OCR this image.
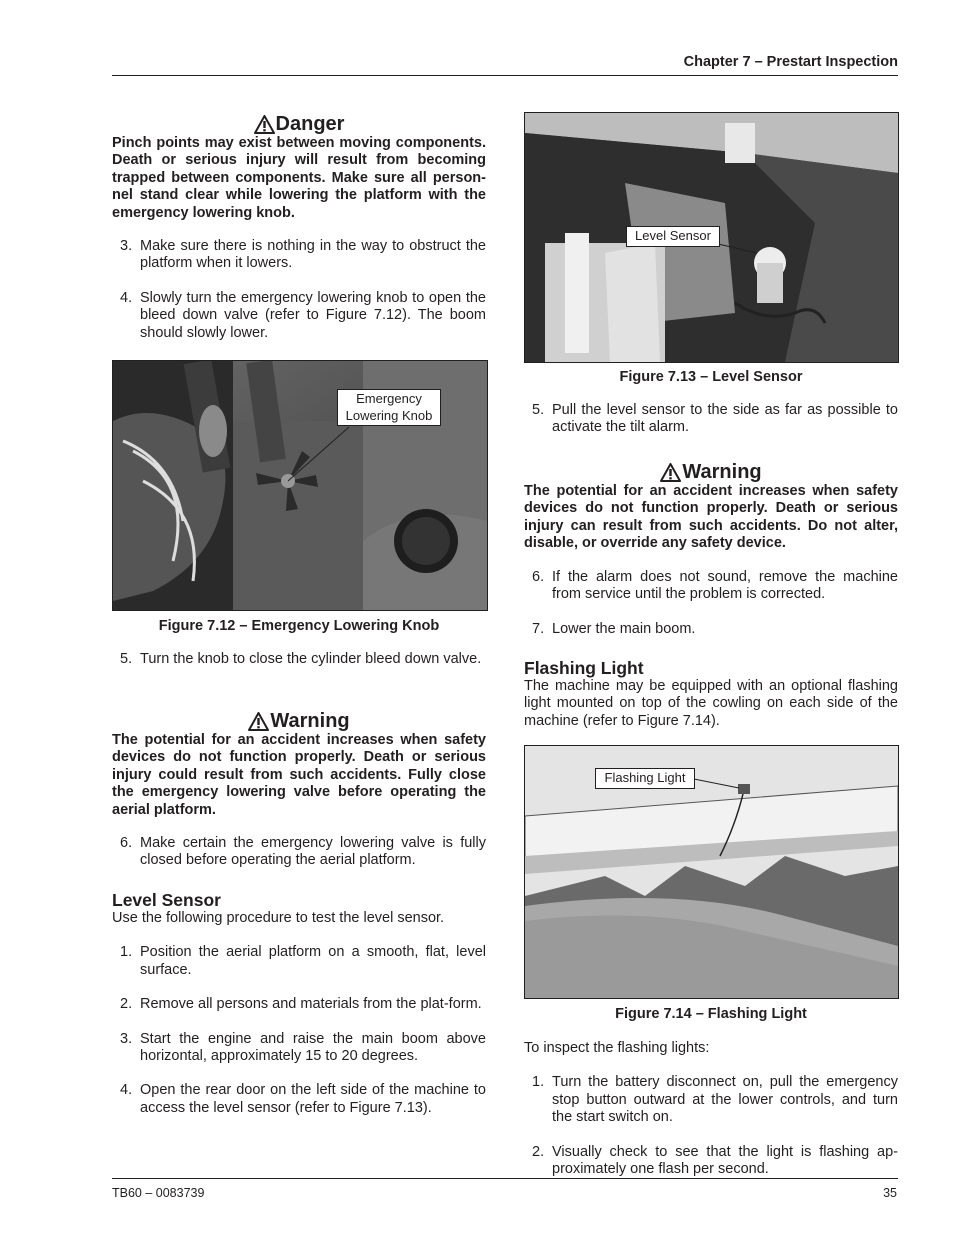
Chapter 7 – Prestart Inspection
Danger
Pinch points may exist between moving components. Death or serious injury will result from becoming trapped between components. Make sure all person-nel stand clear while lowering the platform with the emergency lowering knob.
3. Make sure there is nothing in the way to obstruct the platform when it lowers.
4. Slowly turn the emergency lowering knob to open the bleed down valve (refer to Figure 7.12). The boom should slowly lower.
Emergency Lowering Knob
Figure 7.12 – Emergency Lowering Knob
5. Turn the knob to close the cylinder bleed down valve.
Warning
The potential for an accident increases when safety devices do not function properly. Death or serious injury could result from such accidents. Fully close the emergency lowering valve before operating the aerial platform.
6. Make certain the emergency lowering valve is fully closed before operating the aerial platform.
Level Sensor
Use the following procedure to test the level sensor.
1. Position the aerial platform on a smooth, flat, level surface.
2. Remove all persons and materials from the plat-form.
3. Start the engine and raise the main boom above horizontal, approximately 15 to 20 degrees.
4. Open the rear door on the left side of the machine to access the level sensor (refer to Figure 7.13).
Level Sensor
Figure 7.13 – Level Sensor
5. Pull the level sensor to the side as far as possible to activate the tilt alarm.
Warning
The potential for an accident increases when safety devices do not function properly. Death or serious injury can result from such accidents. Do not alter, disable, or override any safety device.
6. If the alarm does not sound, remove the machine from service until the problem is corrected.
7. Lower the main boom.
Flashing Light
The machine may be equipped with an optional flashing light mounted on top of the cowling on each side of the machine (refer to Figure 7.14).
Flashing Light
Figure 7.14 – Flashing Light
To inspect the flashing lights:
1. Turn the battery disconnect on, pull the emergency stop button outward at the lower controls, and turn the start switch on.
2. Visually check to see that the light is flashing ap-proximately one flash per second.
TB60 – 0083739	35
